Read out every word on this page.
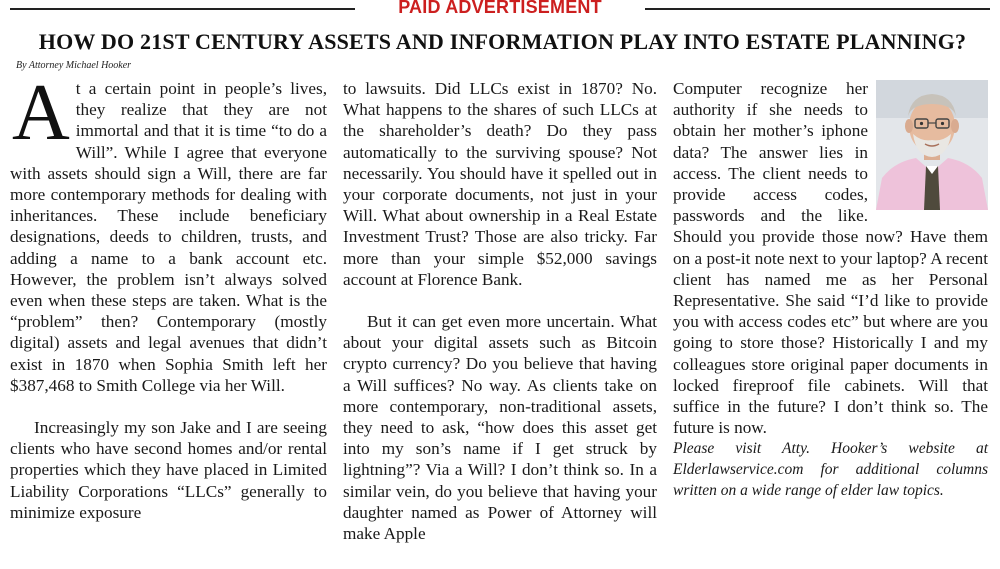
PAID ADVERTISEMENT
HOW DO 21ST CENTURY ASSETS AND INFORMATION PLAY INTO ESTATE PLANNING?
By Attorney Michael Hooker

At a certain point in people’s lives, they realize that they are not immortal and that it is time “to do a Will”. While I agree that everyone with assets should sign a Will, there are far more contemporary methods for dealing with inheritances. These include beneficiary designations, deeds to children, trusts, and adding a name to a bank account etc. However, the problem isn’t always solved even when these steps are taken. What is the “problem” then? Contemporary (mostly digital) assets and legal avenues that didn’t exist in 1870 when Sophia Smith left her $387,468 to Smith College via her Will.

Increasingly my son Jake and I are seeing clients who have second homes and/or rental properties which they have placed in Limited Liability Corporations “LLCs” generally to minimize exposure

to lawsuits. Did LLCs exist in 1870? No. What happens to the shares of such LLCs at the shareholder’s death? Do they pass automatically to the surviving spouse? Not necessarily. You should have it spelled out in your corporate documents, not just in your Will. What about ownership in a Real Estate Investment Trust? Those are also tricky. Far more than your simple $52,000 savings account at Florence Bank.

But it can get even more uncertain. What about your digital assets such as Bitcoin crypto currency? Do you believe that having a Will suffices? No way. As clients take on more contemporary, non-traditional assets, they need to ask, “how does this asset get into my son’s name if I get struck by lightning”? Via a Will? I don’t think so. In a similar vein, do you believe that having your daughter named as Power of Attorney will make Apple

Computer recognize her authority if she needs to obtain her mother’s iphone data? The answer lies in access. The client needs to provide access codes, passwords and the like. Should you provide those now? Have them on a post-it note next to your laptop? A recent client has named me as her Personal Representative. She said “I’d like to provide you with access codes etc” but where are you going to store those? Historically I and my colleagues store original paper documents in locked fireproof file cabinets. Will that suffice in the future? I don’t think so. The future is now.

Please visit Atty. Hooker’s website at Elderlawservice.com for additional columns written on a wide range of elder law topics.
